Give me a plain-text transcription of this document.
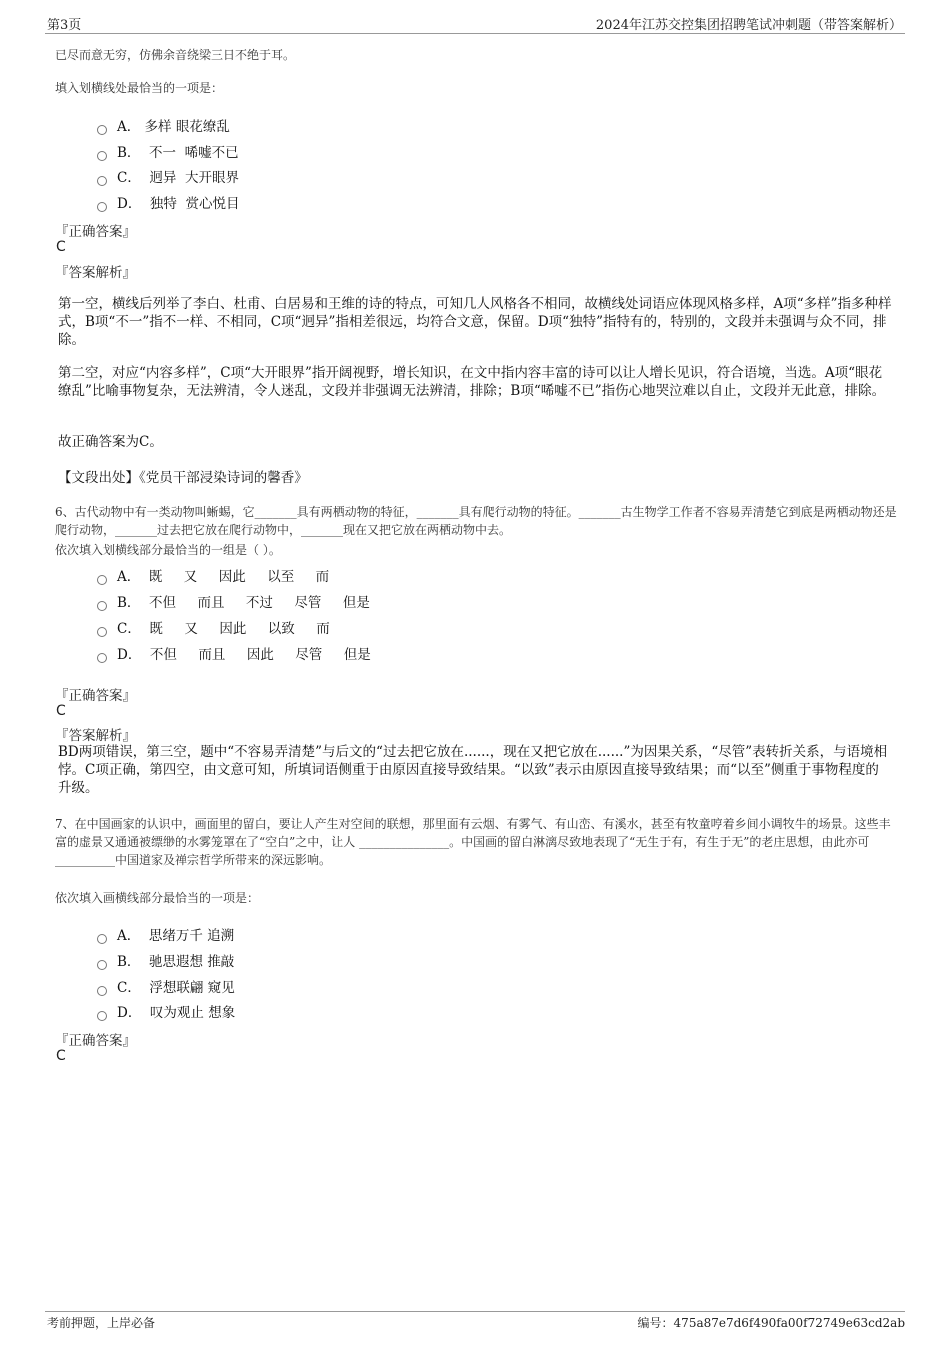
第3页	2024年江苏交控集团招聘笔试冲刺题（带答案解析）
已尽而意无穷，仿佛余音绕梁三日不绝于耳。
填入划横线处最恰当的一项是：
A． 多样 眼花缭乱
B．  不一  唏嘘不已
C．  迥异  大开眼界
D．  独特  赏心悦目
『正确答案』
C
『答案解析』
第一空，横线后列举了李白、杜甫、白居易和王维的诗的特点，可知几人风格各不相同，故横线处词语应体现风格多样，A项“多样”指多种样式，B项“不一”指不一样、不相同，C项“迥异”指相差很远，均符合文意，保留。D项“独特”指特有的，特别的，文段并未强调与众不同，排除。
第二空，对应“内容多样”，C项“大开眼界”指开阔视野，增长知识，在文中指内容丰富的诗可以让人增长见识，符合语境，当选。A项“眼花缭乱”比喻事物复杂，无法辨清，令人迷乱，文段并非强调无法辨清，排除；B项“唏嘘不已”指伤心地哭泣难以自止，文段并无此意，排除。
故正确答案为C。
【文段出处】《党员干部浸染诗词的馨香》
6、古代动物中有一类动物叫蜥蜴，它_______具有两栖动物的特征，_______具有爬行动物的特征。_______古生物学工作者不容易弄清楚它到底是两栖动物还是爬行动物，_______过去把它放在爬行动物中，_______现在又把它放在两栖动物中去。
依次填入划横线部分最恰当的一组是（ ）。
A．  既     又     因此     以至     而
B．  不但     而且     不过     尽管     但是
C．  既     又     因此     以致     而
D．  不但     而且     因此     尽管     但是
『正确答案』
C
『答案解析』
BD两项错误，第三空，题中“不容易弄清楚”与后文的“过去把它放在......，现在又把它放在......”为因果关系，“尽管”表转折关系，与语境相悖。C项正确，第四空，由文意可知，所填词语侧重于由原因直接导致结果。“以致”表示由原因直接导致结果；而“以至”侧重于事物程度的升级。
7、在中国画家的认识中，画面里的留白，要让人产生对空间的联想，那里面有云烟、有雾气、有山峦、有溪水，甚至有牧童哼着乡间小调牧牛的场景。这些丰富的虚景又通通被缥缈的水雾笼罩在了“空白”之中，让人 _______________。中国画的留白淋漓尽致地表现了“无生于有，有生于无”的老庄思想，由此亦可 __________中国道家及禅宗哲学所带来的深远影响。
依次填入画横线部分最恰当的一项是：
A．  思绪万千 追溯
B．  驰思遐想 推敲
C．  浮想联翩 窥见
D．  叹为观止 想象
『正确答案』
C
考前押题，上岸必备	编号：475a87e7d6f490fa00f72749e63cd2ab
